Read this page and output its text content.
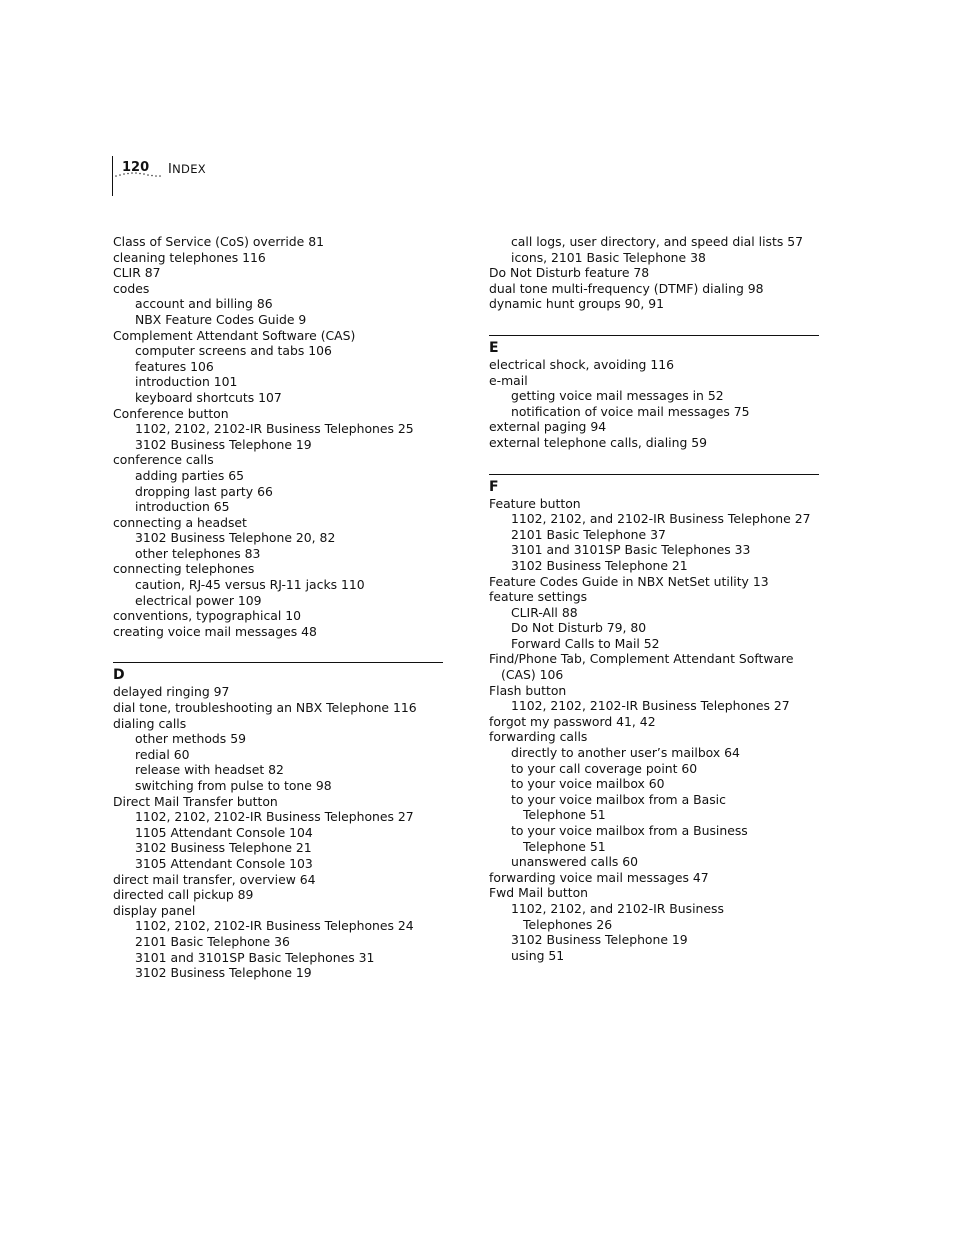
120 INDEX
Class of Service (CoS) override 81
cleaning telephones 116
CLIR 87
codes
account and billing 86
NBX Feature Codes Guide 9
Complement Attendant Software (CAS)
computer screens and tabs 106
features 106
introduction 101
keyboard shortcuts 107
Conference button
1102, 2102, 2102-IR Business Telephones 25
3102 Business Telephone 19
conference calls
adding parties 65
dropping last party 66
introduction 65
connecting a headset
3102 Business Telephone 20, 82
other telephones 83
connecting telephones
caution, RJ-45 versus RJ-11 jacks 110
electrical power 109
conventions, typographical 10
creating voice mail messages 48
D
delayed ringing 97
dial tone, troubleshooting an NBX Telephone 116
dialing calls
other methods 59
redial 60
release with headset 82
switching from pulse to tone 98
Direct Mail Transfer button
1102, 2102, 2102-IR Business Telephones 27
1105 Attendant Console 104
3102 Business Telephone 21
3105 Attendant Console 103
direct mail transfer, overview 64
directed call pickup 89
display panel
1102, 2102, 2102-IR Business Telephones 24
2101 Basic Telephone 36
3101 and 3101SP Basic Telephones 31
3102 Business Telephone 19
call logs, user directory, and speed dial lists 57
icons, 2101 Basic Telephone 38
Do Not Disturb feature 78
dual tone multi-frequency (DTMF) dialing 98
dynamic hunt groups 90, 91
E
electrical shock, avoiding 116
e-mail
getting voice mail messages in 52
notification of voice mail messages 75
external paging 94
external telephone calls, dialing 59
F
Feature button
1102, 2102, and 2102-IR Business Telephone 27
2101 Basic Telephone 37
3101 and 3101SP Basic Telephones 33
3102 Business Telephone 21
Feature Codes Guide in NBX NetSet utility 13
feature settings
CLIR-All 88
Do Not Disturb 79, 80
Forward Calls to Mail 52
Find/Phone Tab, Complement Attendant Software
(CAS) 106
Flash button
1102, 2102, 2102-IR Business Telephones 27
forgot my password 41, 42
forwarding calls
directly to another user’s mailbox 64
to your call coverage point 60
to your voice mailbox 60
to your voice mailbox from a Basic
Telephone 51
to your voice mailbox from a Business
Telephone 51
unanswered calls 60
forwarding voice mail messages 47
Fwd Mail button
1102, 2102, and 2102-IR Business
Telephones 26
3102 Business Telephone 19
using 51
